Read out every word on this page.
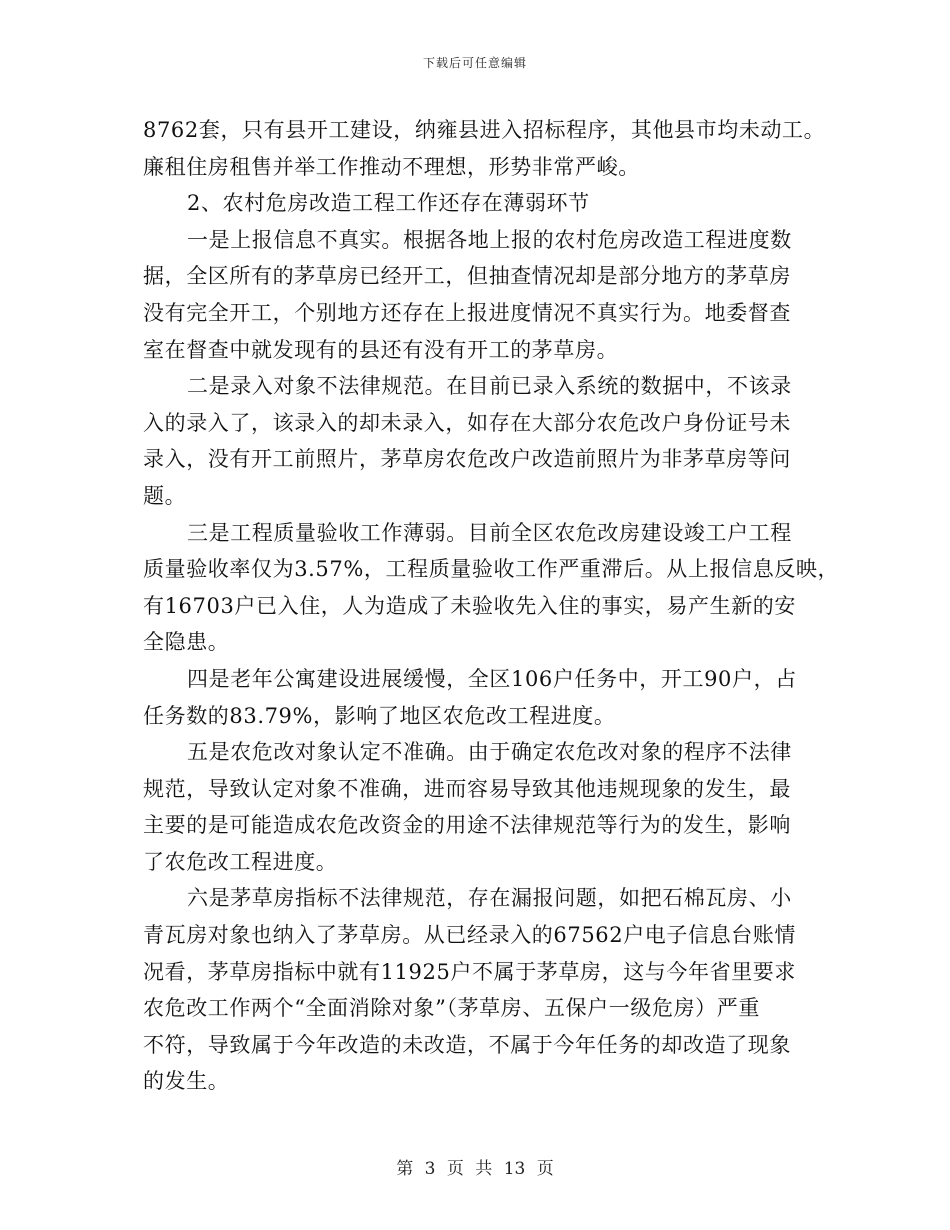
下载后可任意编辑
8762套，只有县开工建设，纳雍县进入招标程序，其他县市均未动工。
廉租住房租售并举工作推动不理想，形势非常严峻。
2、农村危房改造工程工作还存在薄弱环节
一是上报信息不真实。根据各地上报的农村危房改造工程进度数
据，全区所有的茅草房已经开工，但抽查情况却是部分地方的茅草房
没有完全开工，个别地方还存在上报进度情况不真实行为。地委督查
室在督查中就发现有的县还有没有开工的茅草房。
二是录入对象不法律规范。在目前已录入系统的数据中，不该录
入的录入了，该录入的却未录入，如存在大部分农危改户身份证号未
录入，没有开工前照片，茅草房农危改户改造前照片为非茅草房等问
题。
三是工程质量验收工作薄弱。目前全区农危改房建设竣工户工程
质量验收率仅为3.57%，工程质量验收工作严重滞后。从上报信息反映，
有16703户已入住，人为造成了未验收先入住的事实，易产生新的安
全隐患。
四是老年公寓建设进展缓慢，全区106户任务中，开工90户，占
任务数的83.79%，影响了地区农危改工程进度。
五是农危改对象认定不准确。由于确定农危改对象的程序不法律
规范，导致认定对象不准确，进而容易导致其他违规现象的发生，最
主要的是可能造成农危改资金的用途不法律规范等行为的发生，影响
了农危改工程进度。
六是茅草房指标不法律规范，存在漏报问题，如把石棉瓦房、小
青瓦房对象也纳入了茅草房。从已经录入的67562户电子信息台账情
况看，茅草房指标中就有11925户不属于茅草房，这与今年省里要求
农危改工作两个“全面消除对象”（茅草房、五保户一级危房）严重
不符，导致属于今年改造的未改造，不属于今年任务的却改造了现象
的发生。
第 3 页 共 13 页
